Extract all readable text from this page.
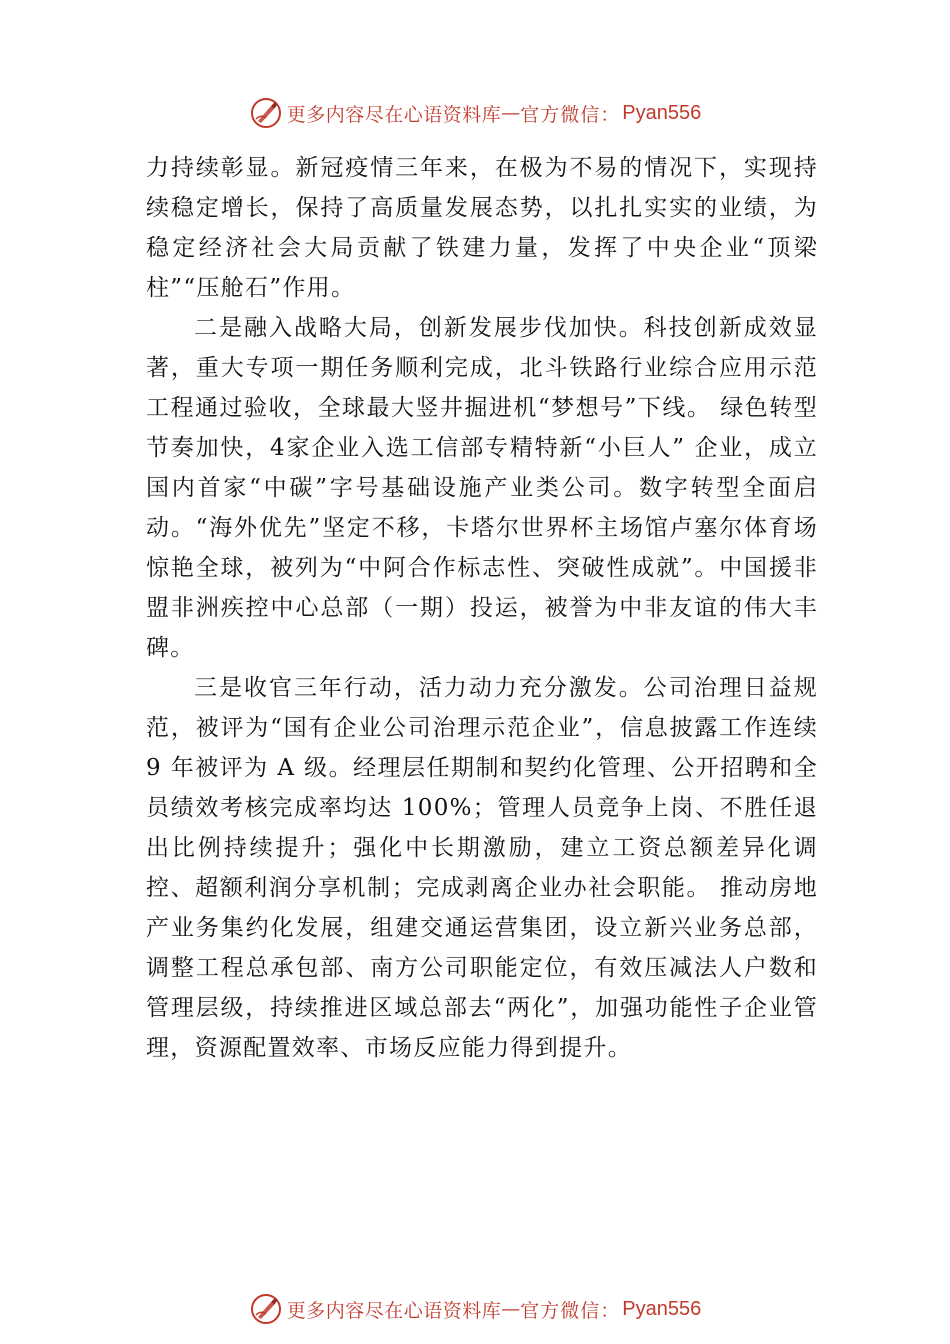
更多内容尽在心语资料库 — 官方微信： Pyan556

力持续彰显。新冠疫情三年来，在极为不易的情况下，实现持续稳定增长，保持了高质量发展态势，以扎扎实实的业绩，为稳定经济社会大局贡献了铁建力量，发挥了中央企业“顶梁柱”“压舱石”作用。

二是融入战略大局，创新发展步伐加快。科技创新成效显著，重大专项一期任务顺利完成，北斗铁路行业综合应用示范工程通过验收，全球最大竖井掘进机“梦想号”下线。 绿色转型节奏加快，4家企业入选工信部专精特新“小巨人” 企业，成立国内首家“中碳”字号基础设施产业类公司。数字转型全面启动。“海外优先”坚定不移，卡塔尔世界杯主场馆卢塞尔体育场惊艳全球，被列为“中阿合作标志性、突破性成就”。中国援非盟非洲疾控中心总部（一期）投运，被誉为中非友谊的伟大丰碑。

三是收官三年行动，活力动力充分激发。公司治理日益规范，被评为“国有企业公司治理示范企业”，信息披露工作连续 9 年被评为 A 级。经理层任期制和契约化管理、公开招聘和全员绩效考核完成率均达 100%；管理人员竞争上岗、不胜任退出比例持续提升；强化中长期激励，建立工资总额差异化调控、超额利润分享机制；完成剥离企业办社会职能。 推动房地产业务集约化发展，组建交通运营集团，设立新兴业务总部，调整工程总承包部、南方公司职能定位，有效压减法人户数和管理层级，持续推进区域总部去“两化”，加强功能性子企业管理，资源配置效率、市场反应能力得到提升。

更多内容尽在心语资料库 — 官方微信： Pyan556
